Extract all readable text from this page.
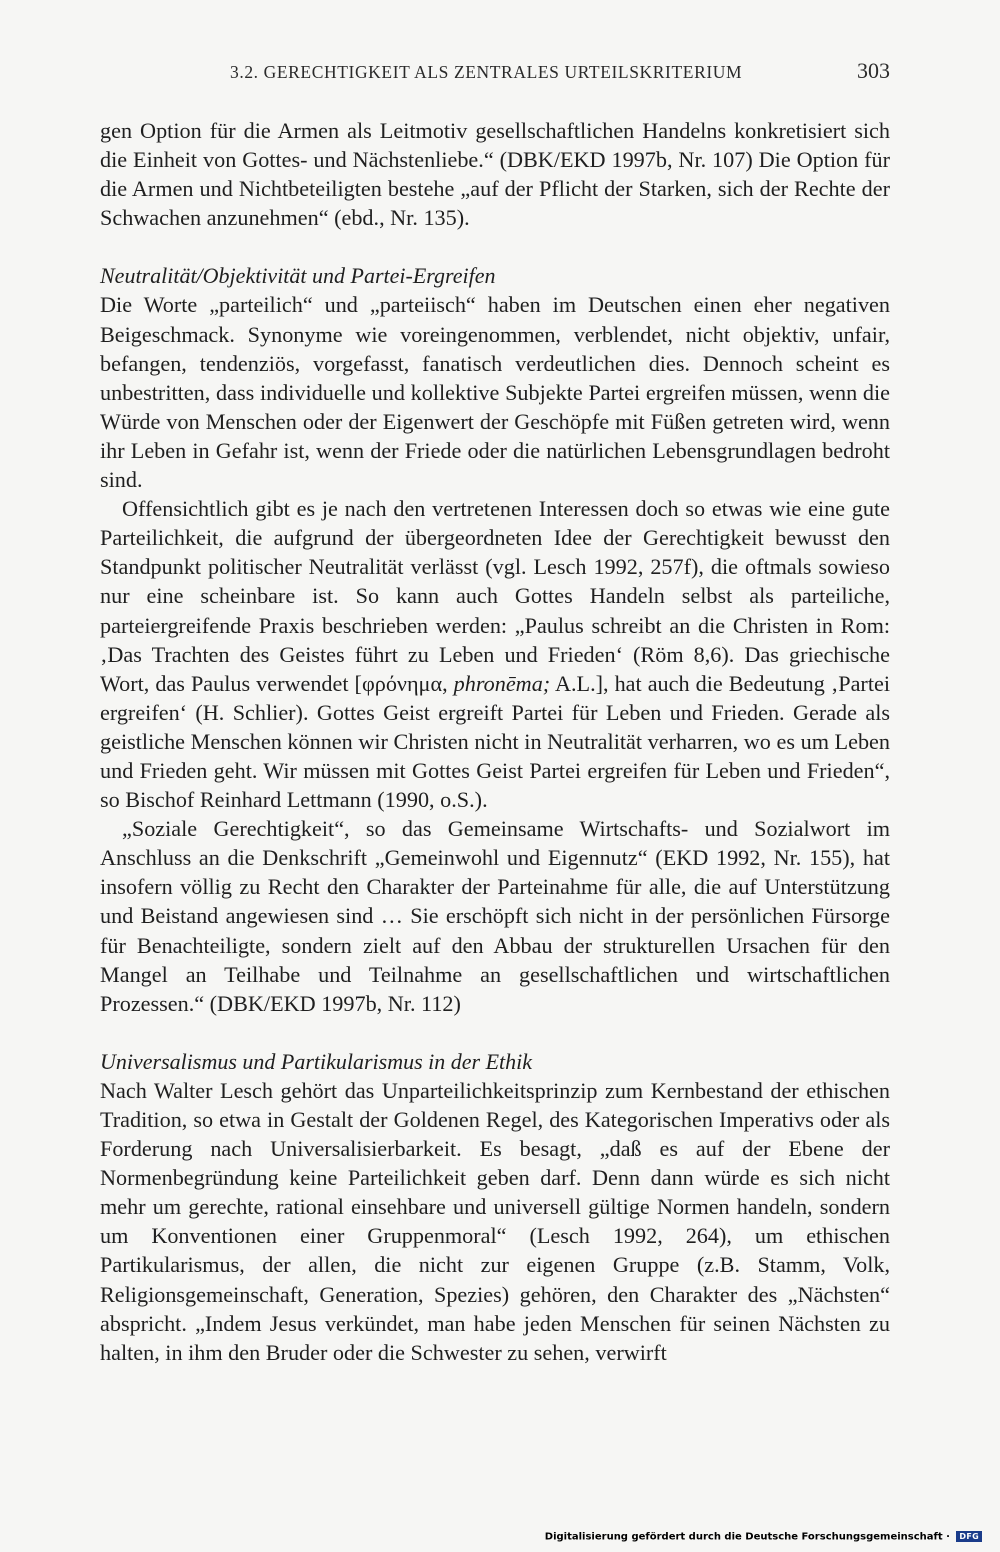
3.2. GERECHTIGKEIT ALS ZENTRALES URTEILSKRITERIUM	303

gen Option für die Armen als Leitmotiv gesellschaftlichen Handelns konkretisiert sich die Einheit von Gottes- und Nächstenliebe.“ (DBK/EKD 1997b, Nr. 107) Die Option für die Armen und Nichtbeteiligten bestehe „auf der Pflicht der Starken, sich der Rechte der Schwachen anzunehmen“ (ebd., Nr. 135).

Neutralität/Objektivität und Partei-Ergreifen

Die Worte „parteilich“ und „parteiisch“ haben im Deutschen einen eher negativen Beigeschmack. Synonyme wie voreingenommen, verblendet, nicht objektiv, unfair, befangen, tendenziös, vorgefasst, fanatisch verdeutlichen dies. Dennoch scheint es unbestritten, dass individuelle und kollektive Subjekte Partei ergreifen müssen, wenn die Würde von Menschen oder der Eigenwert der Geschöpfe mit Füßen getreten wird, wenn ihr Leben in Gefahr ist, wenn der Friede oder die natürlichen Lebensgrundlagen bedroht sind.

Offensichtlich gibt es je nach den vertretenen Interessen doch so etwas wie eine gute Parteilichkeit, die aufgrund der übergeordneten Idee der Gerechtigkeit bewusst den Standpunkt politischer Neutralität verlässt (vgl. Lesch 1992, 257f), die oftmals sowieso nur eine scheinbare ist. So kann auch Gottes Handeln selbst als parteiliche, parteiergreifende Praxis beschrieben werden: „Paulus schreibt an die Christen in Rom: ‚Das Trachten des Geistes führt zu Leben und Frieden‘ (Röm 8,6). Das griechische Wort, das Paulus verwendet [φρόνημα, phronēma; A.L.], hat auch die Bedeutung ‚Partei ergreifen‘ (H. Schlier). Gottes Geist ergreift Partei für Leben und Frieden. Gerade als geistliche Menschen können wir Christen nicht in Neutralität verharren, wo es um Leben und Frieden geht. Wir müssen mit Gottes Geist Partei ergreifen für Leben und Frieden“, so Bischof Reinhard Lettmann (1990, o.S.).

„Soziale Gerechtigkeit“, so das Gemeinsame Wirtschafts- und Sozialwort im Anschluss an die Denkschrift „Gemeinwohl und Eigennutz“ (EKD 1992, Nr. 155), hat insofern völlig zu Recht den Charakter der Parteinahme für alle, die auf Unterstützung und Beistand angewiesen sind … Sie erschöpft sich nicht in der persönlichen Fürsorge für Benachteiligte, sondern zielt auf den Abbau der strukturellen Ursachen für den Mangel an Teilhabe und Teilnahme an gesellschaftlichen und wirtschaftlichen Prozessen.“ (DBK/EKD 1997b, Nr. 112)

Universalismus und Partikularismus in der Ethik

Nach Walter Lesch gehört das Unparteilichkeitsprinzip zum Kernbestand der ethischen Tradition, so etwa in Gestalt der Goldenen Regel, des Kategorischen Imperativs oder als Forderung nach Universalisierbarkeit. Es besagt, „daß es auf der Ebene der Normenbegründung keine Parteilichkeit geben darf. Denn dann würde es sich nicht mehr um gerechte, rational einsehbare und universell gültige Normen handeln, sondern um Konventionen einer Gruppenmoral“ (Lesch 1992, 264), um ethischen Partikularismus, der allen, die nicht zur eigenen Gruppe (z.B. Stamm, Volk, Religionsgemeinschaft, Generation, Spezies) gehören, den Charakter des „Nächsten“ abspricht. „Indem Jesus verkündet, man habe jeden Menschen für seinen Nächsten zu halten, in ihm den Bruder oder die Schwester zu sehen, verwirft

Digitalisierung gefördert durch die Deutsche Forschungsgemeinschaft · DFG
